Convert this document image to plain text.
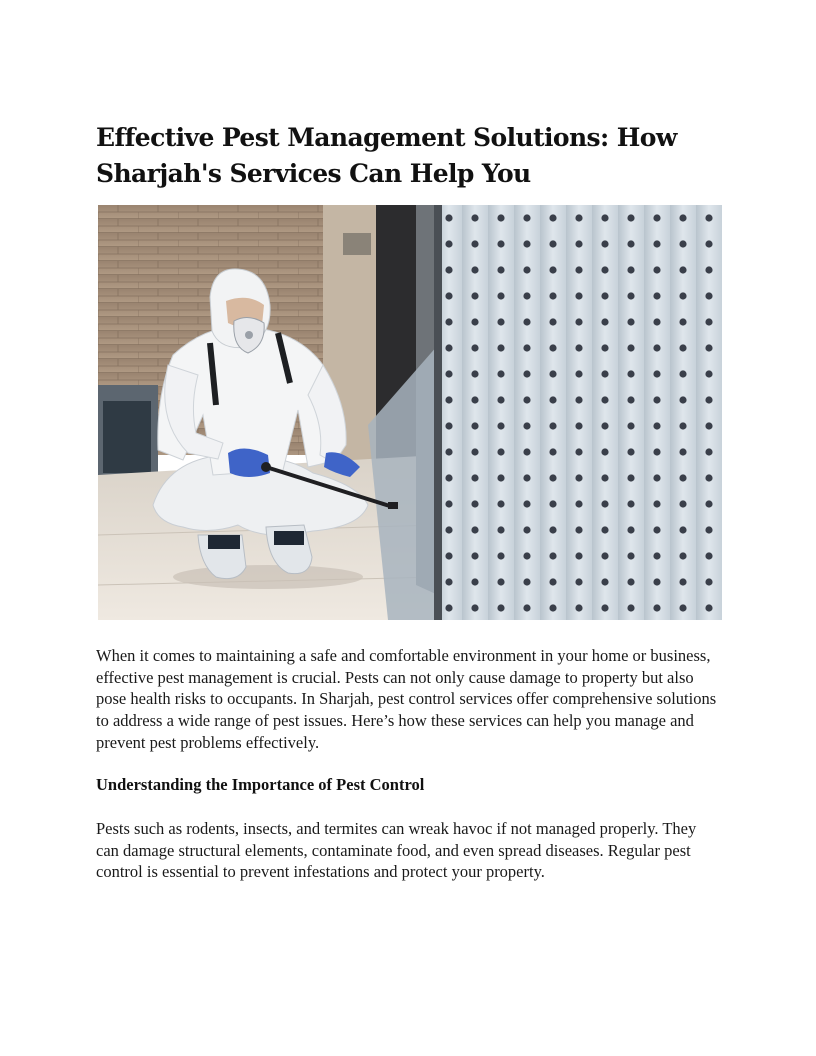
Effective Pest Management Solutions: How Sharjah's Services Can Help You

When it comes to maintaining a safe and comfortable environment in your home or business, effective pest management is crucial. Pests can not only cause damage to property but also pose health risks to occupants. In Sharjah, pest control services offer comprehensive solutions to address a wide range of pest issues. Here’s how these services can help you manage and prevent pest problems effectively.

Understanding the Importance of Pest Control

Pests such as rodents, insects, and termites can wreak havoc if not managed properly. They can damage structural elements, contaminate food, and even spread diseases. Regular pest control is essential to prevent infestations and protect your property.
